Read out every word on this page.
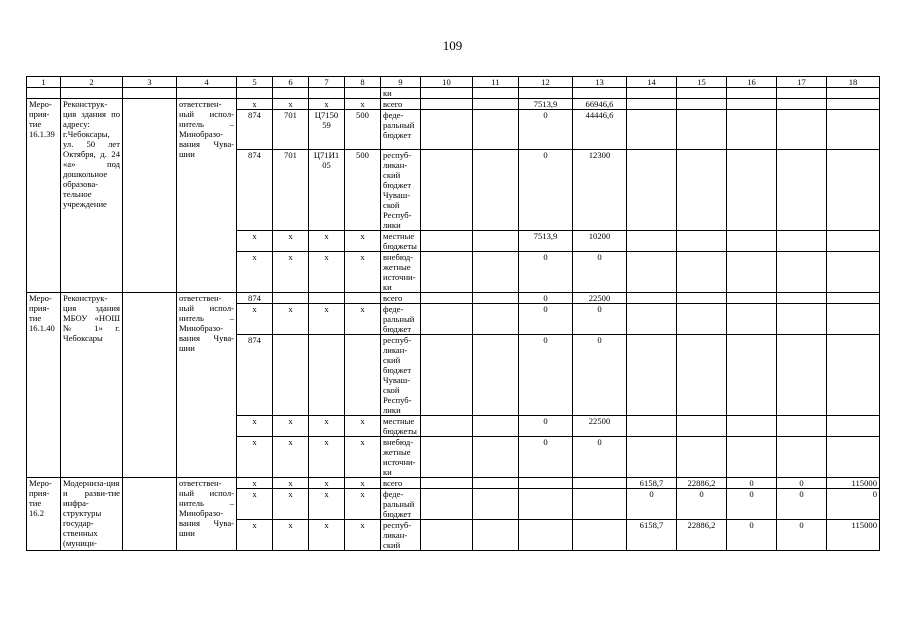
109
1	2	3	4	5	6	7	8	9	10	11	12	13	14	15	16	17	18
								ки									
Меро-прия-тие 16.1.39	Реконструк-ция здания по адресу: г.Чебоксары, ул. 50 лет Октября, д. 24 «а» под дошкольное образова-тельное учреждение		ответствен-ный испол-нитель – Минобразо-вания Чува-шии	x	x	x	x	всего			7513,9	66946,6					
				874	701	Ц7150 59	500	феде-ральный бюджет			0	44446,6					
				874	701	Ц71И1 05	500	респуб-ликан-ский бюджет Чуваш-ской Респуб-лики			0	12300					
				x	x	x	x	местные бюджеты			7513,9	10200					
				x	x	x	x	внебюд-жетные источни-ки			0	0					
Меро-прия-тие 16.1.40	Реконструк-ция здания МБОУ «НОШ № 1» г. Чебоксары		ответствен-ный испол-нитель – Минобразо-вания Чува-шии	874				всего			0	22500					
				x	x	x	x	феде-ральный бюджет			0	0					
				874				респуб-ликан-ский бюджет Чуваш-ской Респуб-лики			0	0					
				x	x	x	x	местные бюджеты			0	22500					
				x	x	x	x	внебюд-жетные источни-ки			0	0					
Меро-прия-тие 16.2	Модерниза-ция и разви-тие инфра-структуры государ-ственных (муници-		ответствен-ный испол-нитель – Минобразо-вания Чува-шии	x	x	x	x	всего					6158,7	22886,2	0	0	115000
				x	x	x	x	феде-ральный бюджет					0	0	0	0	0
				x	x	x	x	респуб-ликан-ский					6158,7	22886,2	0	0	115000
